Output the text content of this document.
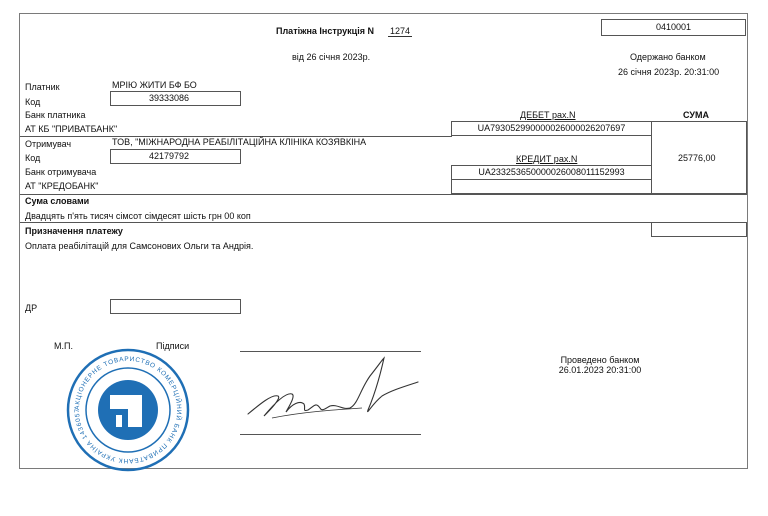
Платіжна Інструкція N 1274
від 26 січня 2023р.
0410001
Одержано банком
26 січня 2023р. 20:31:00
Платник	МРІЮ ЖИТИ БФ БО
Код	39333086
Банк платника
АТ КБ "ПРИВАТБАНК"
ДЕБЕТ рах.N	СУМА
UA793052990000026000026207697
25776,00
Отримувач	ТОВ, "МІЖНАРОДНА РЕАБІЛІТАЦІЙНА КЛІНІКА КОЗЯВКІНА
Код	42179792
Банк отримувача
АТ "КРЕДОБАНК"
КРЕДИТ рах.N
UA233253650000026008011152993
Сума словами
Двадцять п'ять тисяч сімсот сімдесят шість грн 00 коп
Призначення платежу
Оплата реабілітацій для Самсонових Ольги та Андрія.
ДР
М.П.	Підписи
Проведено банком
26.01.2023 20:31:00
АКЦІОНЕРНЕ ТОВАРИСТВО КОМЕРЦІЙНИЙ БАНК ПРИВАТБАНК УКРАЇНА 1436057
